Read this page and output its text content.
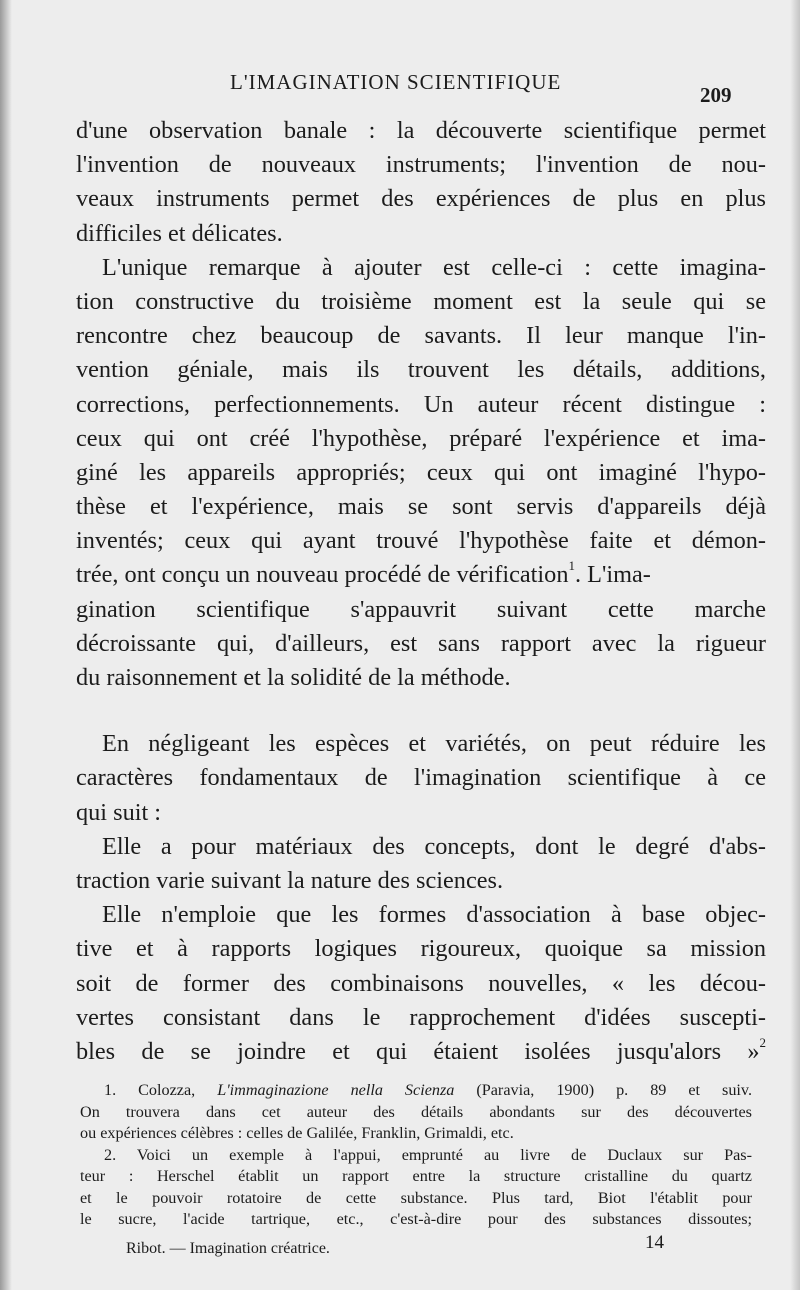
L'IMAGINATION SCIENTIFIQUE
209
d'une observation banale : la découverte scientifique permet
l'invention de nouveaux instruments; l'invention de nou-
veaux instruments permet des expériences de plus en plus
difficiles et délicates.
L'unique remarque à ajouter est celle-ci : cette imagina-
tion constructive du troisième moment est la seule qui se
rencontre chez beaucoup de savants. Il leur manque l'in-
vention géniale, mais ils trouvent les détails, additions,
corrections, perfectionnements. Un auteur récent distingue :
ceux qui ont créé l'hypothèse, préparé l'expérience et ima-
giné les appareils appropriés; ceux qui ont imaginé l'hypo-
thèse et l'expérience, mais se sont servis d'appareils déjà
inventés; ceux qui ayant trouvé l'hypothèse faite et démon-
trée, ont conçu un nouveau procédé de vérification$^1$. L'ima-
gination scientifique s'appauvrit suivant cette marche
décroissante qui, d'ailleurs, est sans rapport avec la rigueur
du raisonnement et la solidité de la méthode.
En négligeant les espèces et variétés, on peut réduire les
caractères fondamentaux de l'imagination scientifique à ce
qui suit :
Elle a pour matériaux des concepts, dont le degré d'abs-
traction varie suivant la nature des sciences.
Elle n'emploie que les formes d'association à base objec-
tive et à rapports logiques rigoureux, quoique sa mission
soit de former des combinaisons nouvelles, « les décou-
vertes consistant dans le rapprochement d'idées suscepti-
bles de se joindre et qui étaient isolées jusqu'alors »$^2$
1. Colozza, L'immaginazione nella Scienza (Paravia, 1900) p. 89 et suiv.
On trouvera dans cet auteur des détails abondants sur des découvertes
ou expériences célèbres : celles de Galilée, Franklin, Grimaldi, etc.
2. Voici un exemple à l'appui, emprunté au livre de Duclaux sur Pas-
teur : Herschel établit un rapport entre la structure cristalline du quartz
et le pouvoir rotatoire de cette substance. Plus tard, Biot l'établit pour
le sucre, l'acide tartrique, etc., c'est-à-dire pour des substances dissoutes;
Ribot. — Imagination créatrice.	14
